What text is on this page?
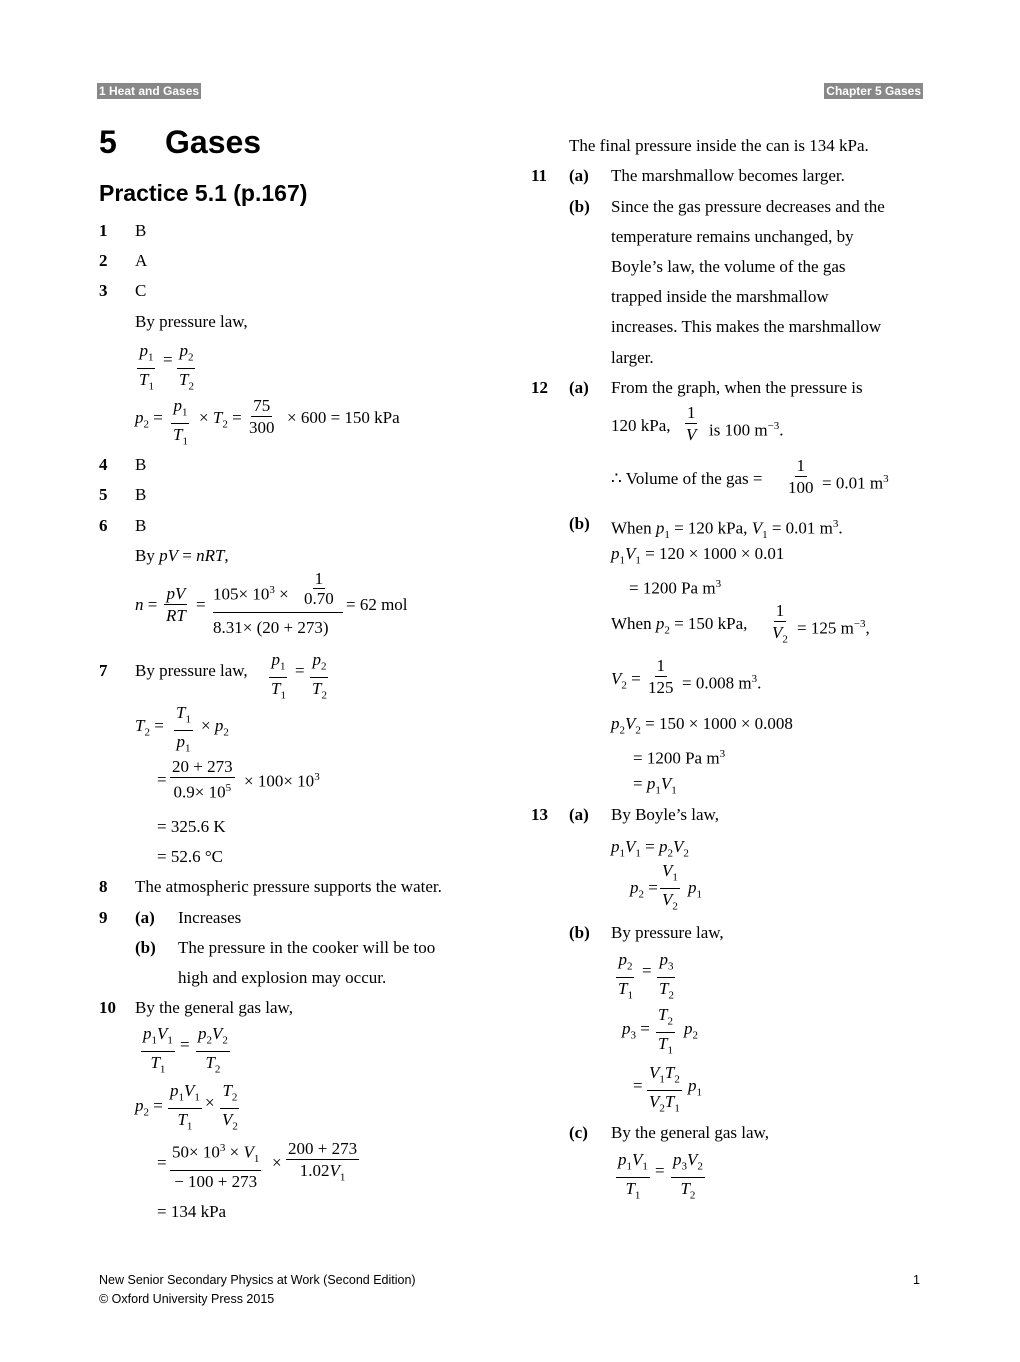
1 Heat and Gases	Chapter 5 Gases
5 Gases
Practice 5.1 (p.167)
1 B
2 A
3 C
By pressure law,
$p_1$
$T_1$
= $p_2$
$T_2$
$p_2$ =
$p_1$
$T_1$
× $T_2$ =
75
300
× 600 = 150 kPa
4 B
5 B
6 B
By pV = nRT,
n =
pV
RT
=
$105\times 10^3$ ×
1
0.70
8.31× (20 + 273)
= 62 mol
7 By pressure law,
$p_1$
$T_1$
=
$p_2$
$T_2$
$T_2$ =
$T_1$
$p_1$
× $p_2$
=
20 + 273
$0.9\times 10^5 \times 100\times 10^3$
= 325.6 K
= 52.6 °C
8 The atmospheric pressure supports the water.
9 (a) Increases
(b) The pressure in the cooker will be too
high and explosion may occur.
10 By the general gas law,
$p_1V_1$
$T_1$
=
$p_2V_2$
$T_2$
$p_2$ =
$p_1V_1$
$T_1$
×
$T_2$
$V_2$
=
$50\times 10^3 \times V_1$
− 100 + 273
×
200 + 273
$1.02V_1$
= 134 kPa
The final pressure inside the can is 134 kPa.
11 (a) The marshmallow becomes larger.
(b) Since the gas pressure decreases and the
temperature remains unchanged, by
Boyle’s law, the volume of the gas
trapped inside the marshmallow
increases. This makes the marshmallow
larger.
12 (a) From the graph, when the pressure is
120 kPa,
1
V is 100 $m^{-3}$.
∴ Volume of the gas =
1
100 = 0.01 $m^3$
(b) When $p_1 = 120$ kPa, $V_1 = 0.01$ $m^3$.
$p_1V_1 = 120 \times 1000 \times 0.01$
= 1200 Pa $m^3$
When $p_2 = 150$ kPa,
1
$V_2$
= 125 $m^{-3}$,
$V_2$ =
1
125 = 0.008 $m^3$.
$p_2V_2 = 150 \times 1000 \times 0.008$
= 1200 Pa $m^3$
= $p_1V_1$
13 (a) By Boyle’s law,
$p_1V_1 = p_2V_2$
$p_2$ =
$V_1$
$V_2$
$p_1$
(b) By pressure law,
$p_2$
$T_1$
=
$p_3$
$T_2$
$p_3$ =
$T_2$
$T_1$
$p_2$
=
$V_1T_2$
$V_2T_1$
$p_1$
(c) By the general gas law,
$p_1V_1$
$T_1$
=
$p_3V_2$
$T_2$
New Senior Secondary Physics at Work (Second Edition)
© Oxford University Press 2015
1
